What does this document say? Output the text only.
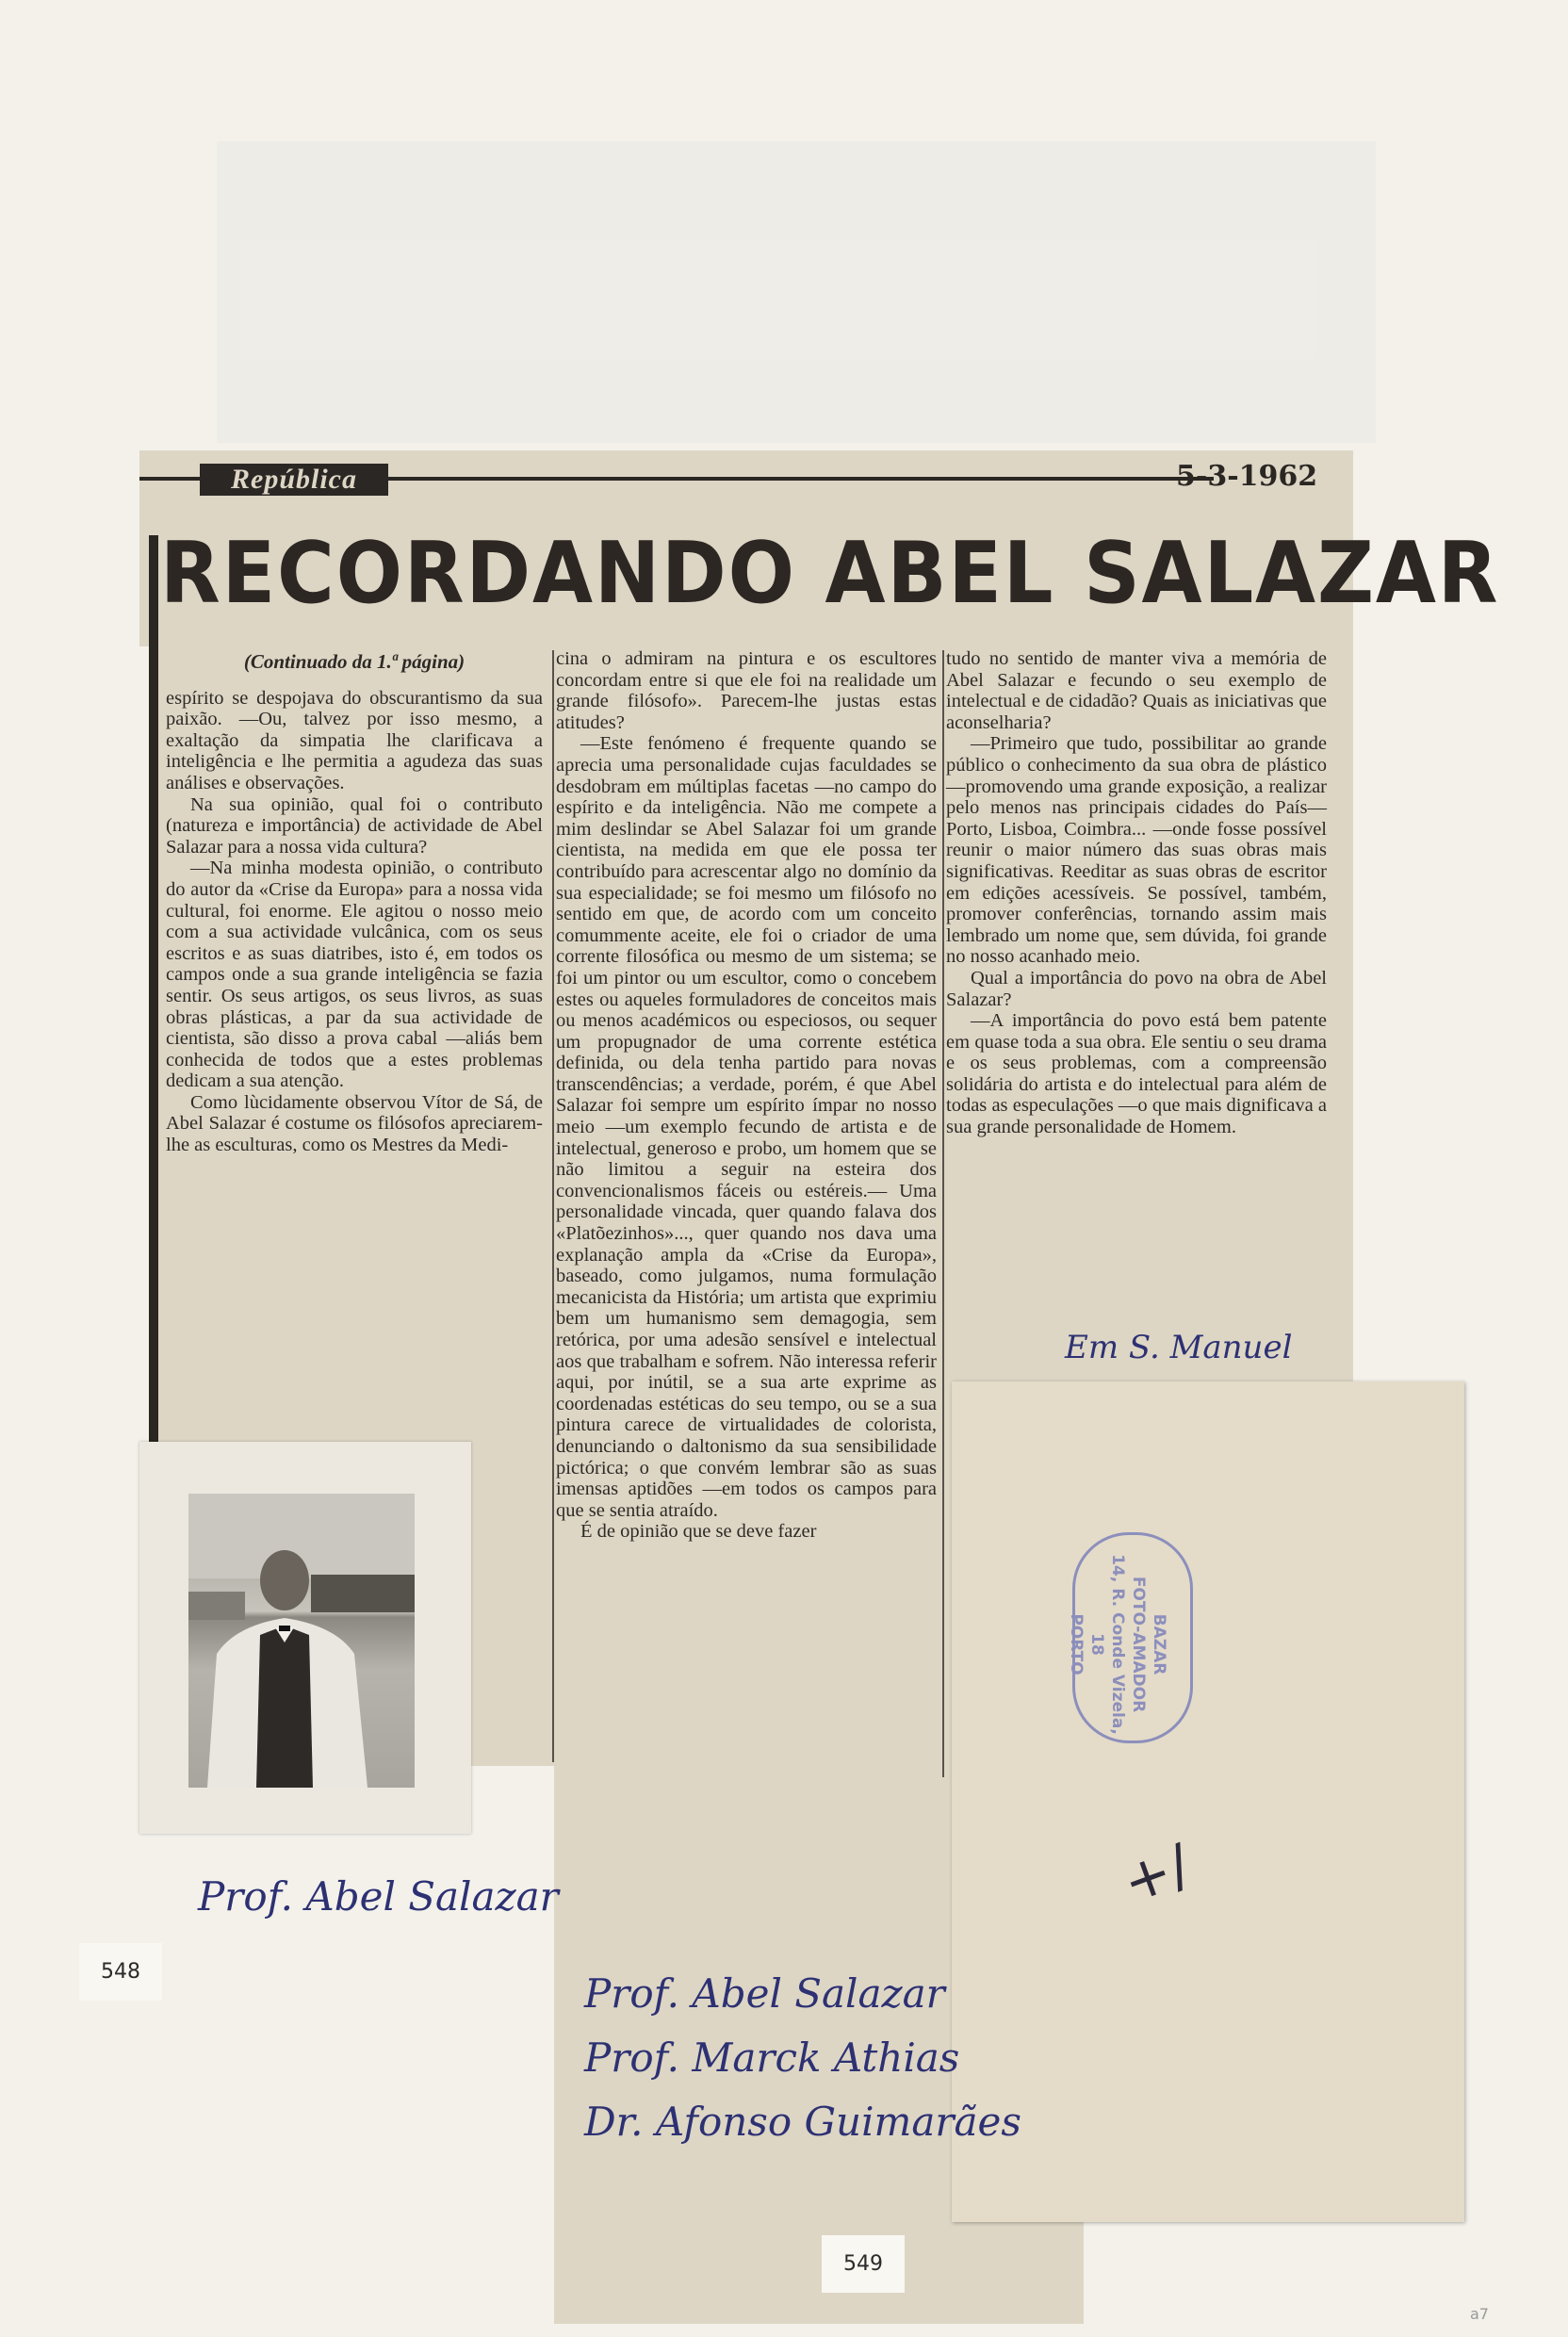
República	5-3-1962
RECORDANDO ABEL SALAZAR

(Continuado da 1.ª página)

espírito se despojava do obscurantismo da sua paixão. —Ou, talvez por isso mesmo, a exaltação da simpatia lhe clarificava a inteligência e lhe permitia a agudeza das suas análises e observações.

Na sua opinião, qual foi o contributo (natureza e importância) de actividade de Abel Salazar para a nossa vida cultura?

—Na minha modesta opinião, o contributo do autor da «Crise da Europa» para a nossa vida cultural, foi enorme. Ele agitou o nosso meio com a sua actividade vulcânica, com os seus escritos e as suas diatribes, isto é, em todos os campos onde a sua grande inteligência se fazia sentir. Os seus artigos, os seus livros, as suas obras plásticas, a par da sua actividade de cientista, são disso a prova cabal —aliás bem conhecida de todos que a estes problemas dedicam a sua atenção.

Como lùcidamente observou Vítor de Sá, de Abel Salazar é costume os filósofos apreciarem-lhe as esculturas, como os Mestres da Medi-

cina o admiram na pintura e os escultores concordam entre si que ele foi na realidade um grande filósofo». Parecem-lhe justas estas atitudes?

—Este fenómeno é frequente quando se aprecia uma personalidade cujas faculdades se desdobram em múltiplas facetas —no campo do espírito e da inteligência. Não me compete a mim deslindar se Abel Salazar foi um grande cientista, na medida em que ele possa ter contribuído para acrescentar algo no domínio da sua especialidade; se foi mesmo um filósofo no sentido em que, de acordo com um conceito comummente aceite, ele foi o criador de uma corrente filosófica ou mesmo de um sistema; se foi um pintor ou um escultor, como o concebem estes ou aqueles formuladores de conceitos mais ou menos académicos ou especiosos, ou sequer um propugnador de uma corrente estética definida, ou dela tenha partido para novas transcendências; a verdade, porém, é que Abel Salazar foi sempre um espírito ímpar no nosso meio —um exemplo fecundo de artista e de intelectual, generoso e probo, um homem que se não limitou a seguir na esteira dos convencionalismos fáceis ou estéreis.— Uma personalidade vincada, quer quando falava dos «Platõezinhos»..., quer quando nos dava uma explanação ampla da «Crise da Europa», baseado, como julgamos, numa formulação mecanicista da História; um artista que exprimiu bem um humanismo sem demagogia, sem retórica, por uma adesão sensível e intelectual aos que trabalham e sofrem. Não interessa referir aqui, por inútil, se a sua arte exprime as coordenadas estéticas do seu tempo, ou se a sua pintura carece de virtualidades de colorista, denunciando o daltonismo da sua sensibilidade pictórica; o que convém lembrar são as suas imensas aptidões —em todos os campos para que se sentia atraído.

É de opinião que se deve fazer

tudo no sentido de manter viva a memória de Abel Salazar e fecundo o seu exemplo de intelectual e de cidadão? Quais as iniciativas que aconselharia?

—Primeiro que tudo, possibilitar ao grande público o conhecimento da sua obra de plástico —promovendo uma grande exposição, a realizar pelo menos nas principais cidades do País—Porto, Lisboa, Coimbra... —onde fosse possível reunir o maior número das suas obras mais significativas. Reeditar as suas obras de escritor em edições acessíveis. Se possível, também, promover conferências, tornando assim mais lembrado um nome que, sem dúvida, foi grande no nosso acanhado meio.

Qual a importância do povo na obra de Abel Salazar?

—A importância do povo está bem patente em quase toda a sua obra. Ele sentiu o seu drama e os seus problemas, com a compreensão solidária do artista e do intelectual para além de todas as especulações —o que mais dignificava a sua grande personalidade de Homem.

BAZAR
FOTO-AMADOR
14, R. Conde Vizela, 18
PORTO
+/
Em S. Manuel
Prof. Abel Salazar
Prof. Abel Salazar
Prof. Marck Athias
Dr. Afonso Guimarães
548
549
a7
